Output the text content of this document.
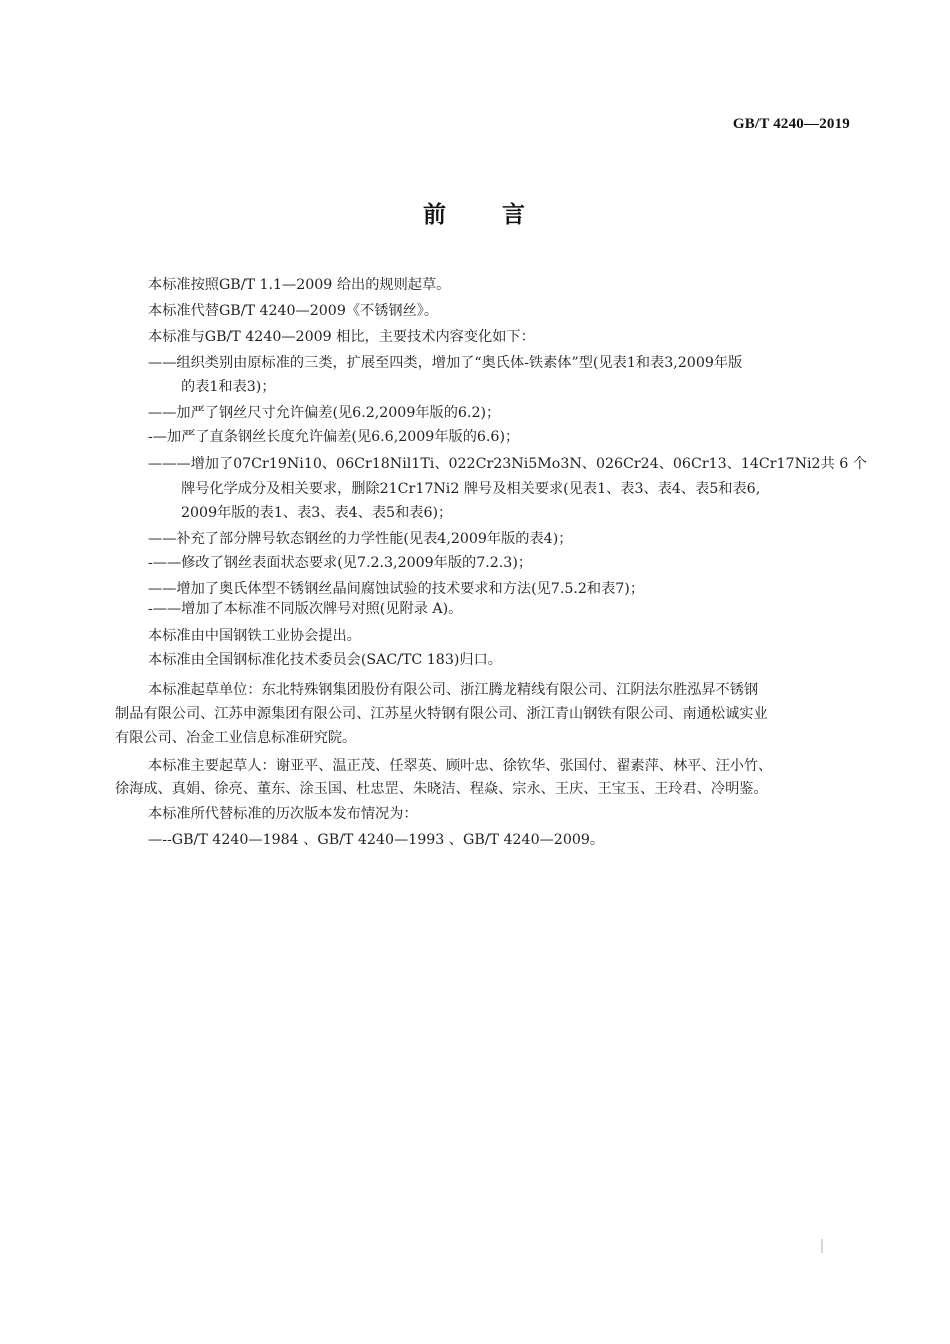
GB/T 4240—2019
前 言
本标准按照GB/T 1.1—2009 给出的规则起草。
本标准代替GB/T 4240—2009《不锈钢丝》。
本标准与GB/T 4240—2009 相比，主要技术内容变化如下：
——组织类别由原标准的三类，扩展至四类，增加了“奥氏体-铁素体”型(见表1和表3,2009年版
的表1和表3)；
——加严了钢丝尺寸允许偏差(见6.2,2009年版的6.2)；
-—加严了直条钢丝长度允许偏差(见6.6,2009年版的6.6)；
———增加了07Cr19Ni10、06Cr18Nil1Ti、022Cr23Ni5Mo3N、026Cr24、06Cr13、14Cr17Ni2共 6 个
牌号化学成分及相关要求，删除21Cr17Ni2 牌号及相关要求(见表1、表3、表4、表5和表6,
2009年版的表1、表3、表4、表5和表6)；
——补充了部分牌号软态钢丝的力学性能(见表4,2009年版的表4)；
-——修改了钢丝表面状态要求(见7.2.3,2009年版的7.2.3)；
——增加了奥氏体型不锈钢丝晶间腐蚀试验的技术要求和方法(见7.5.2和表7)；
-——增加了本标准不同版次牌号对照(见附录 A)。
本标准由中国钢铁工业协会提出。
本标准由全国钢标准化技术委员会(SAC/TC 183)归口。
本标准起草单位：东北特殊钢集团股份有限公司、浙江腾龙精线有限公司、江阴法尔胜泓昇不锈钢
制品有限公司、江苏申源集团有限公司、江苏星火特钢有限公司、浙江青山钢铁有限公司、南通松诚实业
有限公司、冶金工业信息标准研究院。
本标准主要起草人：谢亚平、温正茂、任翠英、顾叶忠、徐钦华、张国付、翟素萍、林平、汪小竹、
徐海成、真娟、徐亮、董东、涂玉国、杜忠罡、朱晓洁、程焱、宗永、王庆、王宝玉、王玲君、冷明鉴。
本标准所代替标准的历次版本发布情况为：
—--GB/T 4240—1984 、GB/T 4240—1993 、GB/T 4240—2009。
